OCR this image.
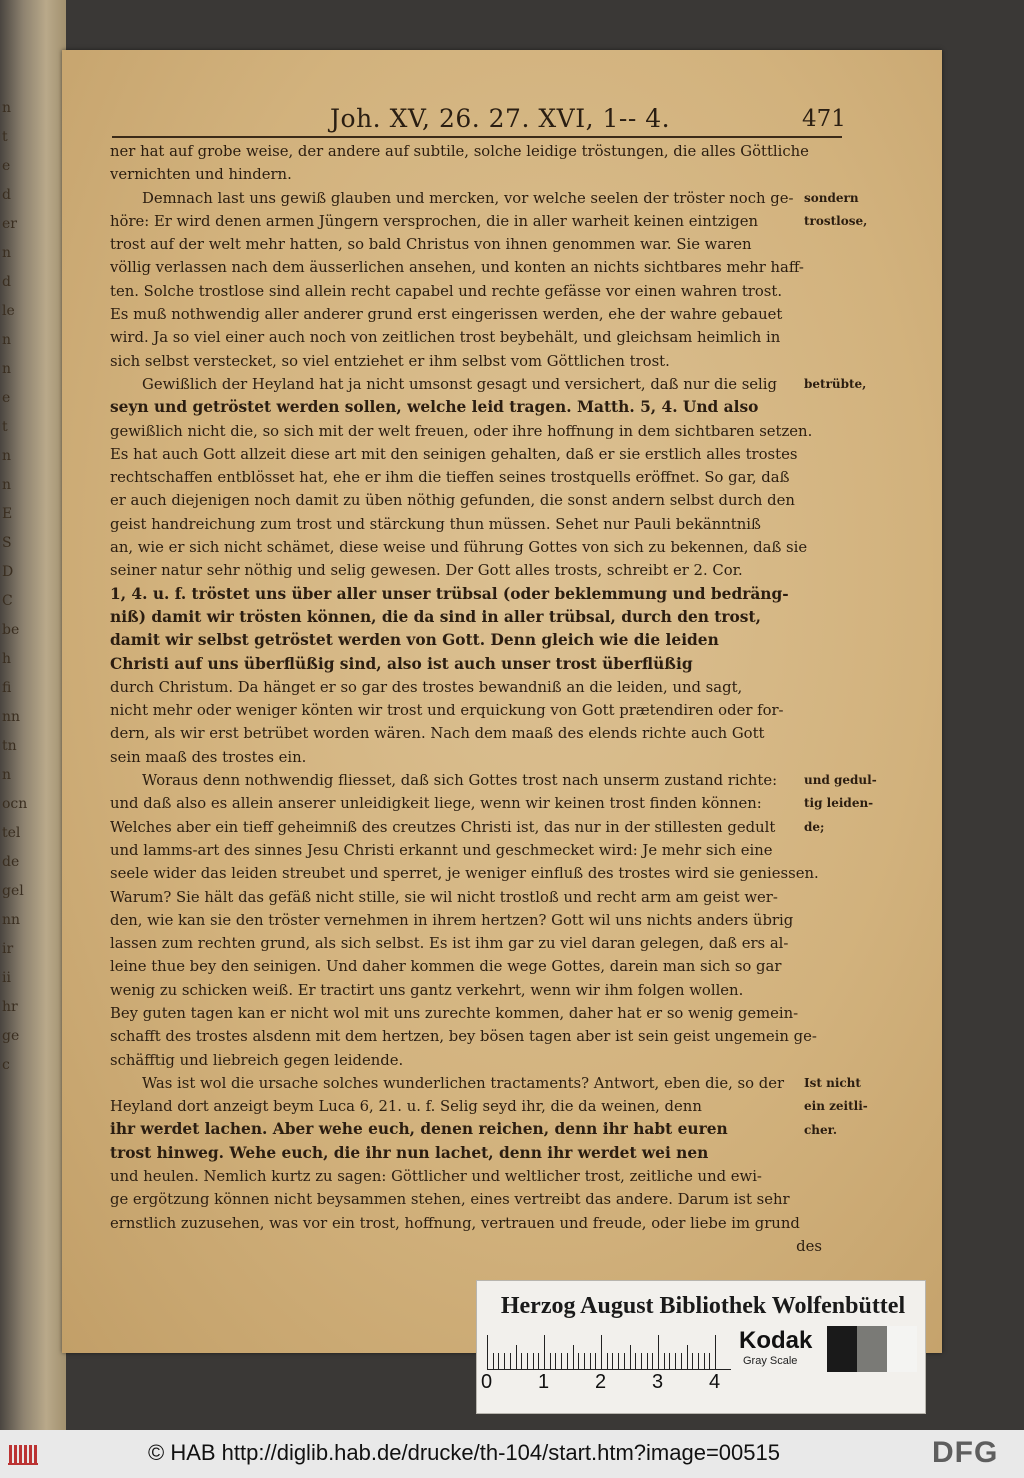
n
t
e
d
er
n
d
le
n
n
e
t
n
n
E
S
D
C
be
h
fi
nn
tn
n
ocn
tel
de
gel
nn
ir
ii
hr
ge
c
Joh. XV, 26. 27. XVI, 1-- 4.	471
ner hat auf grobe weise, der andere auf subtile, solche leidige tröstungen, die alles Göttliche
vernichten und hindern.
Demnach last uns gewiß glauben und mercken, vor welche seelen der tröster noch ge-
höre: Er wird denen armen Jüngern versprochen, die in aller warheit keinen eintzigen
trost auf der welt mehr hatten, so bald Christus von ihnen genommen war. Sie waren
völlig verlassen nach dem äusserlichen ansehen, und konten an nichts sichtbares mehr haff-
ten. Solche trostlose sind allein recht capabel und rechte gefässe vor einen wahren trost.
Es muß nothwendig aller anderer grund erst eingerissen werden, ehe der wahre gebauet
wird. Ja so viel einer auch noch von zeitlichen trost beybehält, und gleichsam heimlich in
sich selbst verstecket, so viel entziehet er ihm selbst vom Göttlichen trost.
Gewißlich der Heyland hat ja nicht umsonst gesagt und versichert, daß nur die selig
seyn und getröstet werden sollen, welche leid tragen. Matth. 5, 4. Und also
gewißlich nicht die, so sich mit der welt freuen, oder ihre hoffnung in dem sichtbaren setzen.
Es hat auch Gott allzeit diese art mit den seinigen gehalten, daß er sie erstlich alles trostes
rechtschaffen entblösset hat, ehe er ihm die tieffen seines trostquells eröffnet. So gar, daß
er auch diejenigen noch damit zu üben nöthig gefunden, die sonst andern selbst durch den
geist handreichung zum trost und stärckung thun müssen. Sehet nur Pauli bekänntniß
an, wie er sich nicht schämet, diese weise und führung Gottes von sich zu bekennen, daß sie
seiner natur sehr nöthig und selig gewesen. Der Gott alles trosts, schreibt er 2. Cor.
1, 4. u. f. tröstet uns über aller unser trübsal (oder beklemmung und bedräng-
niß) damit wir trösten können, die da sind in aller trübsal, durch den trost,
damit wir selbst getröstet werden von Gott. Denn gleich wie die leiden
Christi auf uns überflüßig sind, also ist auch unser trost überflüßig
durch Christum. Da hänget er so gar des trostes bewandniß an die leiden, und sagt,
nicht mehr oder weniger könten wir trost und erquickung von Gott prætendiren oder for-
dern, als wir erst betrübet worden wären. Nach dem maaß des elends richte auch Gott
sein maaß des trostes ein.
Woraus denn nothwendig fliesset, daß sich Gottes trost nach unserm zustand richte:
und daß also es allein anserer unleidigkeit liege, wenn wir keinen trost finden können:
Welches aber ein tieff geheimniß des creutzes Christi ist, das nur in der stillesten gedult
und lamms-art des sinnes Jesu Christi erkannt und geschmecket wird: Je mehr sich eine
seele wider das leiden streubet und sperret, je weniger einfluß des trostes wird sie geniessen.
Warum? Sie hält das gefäß nicht stille, sie wil nicht trostloß und recht arm am geist wer-
den, wie kan sie den tröster vernehmen in ihrem hertzen? Gott wil uns nichts anders übrig
lassen zum rechten grund, als sich selbst. Es ist ihm gar zu viel daran gelegen, daß ers al-
leine thue bey den seinigen. Und daher kommen die wege Gottes, darein man sich so gar
wenig zu schicken weiß. Er tractirt uns gantz verkehrt, wenn wir ihm folgen wollen.
Bey guten tagen kan er nicht wol mit uns zurechte kommen, daher hat er so wenig gemein-
schafft des trostes alsdenn mit dem hertzen, bey bösen tagen aber ist sein geist ungemein ge-
schäfftig und liebreich gegen leidende.
Was ist wol die ursache solches wunderlichen tractaments? Antwort, eben die, so der
Heyland dort anzeigt beym Luca 6, 21. u. f. Selig seyd ihr, die da weinen, denn
ihr werdet lachen. Aber wehe euch, denen reichen, denn ihr habt euren
trost hinweg. Wehe euch, die ihr nun lachet, denn ihr werdet wei nen
und heulen. Nemlich kurtz zu sagen: Göttlicher und weltlicher trost, zeitliche und ewi-
ge ergötzung können nicht beysammen stehen, eines vertreibt das andere. Darum ist sehr
ernstlich zuzusehen, was vor ein trost, hoffnung, vertrauen und freude, oder liebe im grund
des
sondern
trostlose,
betrübte,
und gedul-
tig leiden-
de;
Ist nicht
ein zeitli-
cher.
Herzog August Bibliothek Wolfenbüttel
0 1 2 3 4
Kodak
Gray Scale
© HAB http://diglib.hab.de/drucke/th-104/start.htm?image=00515	DFG
